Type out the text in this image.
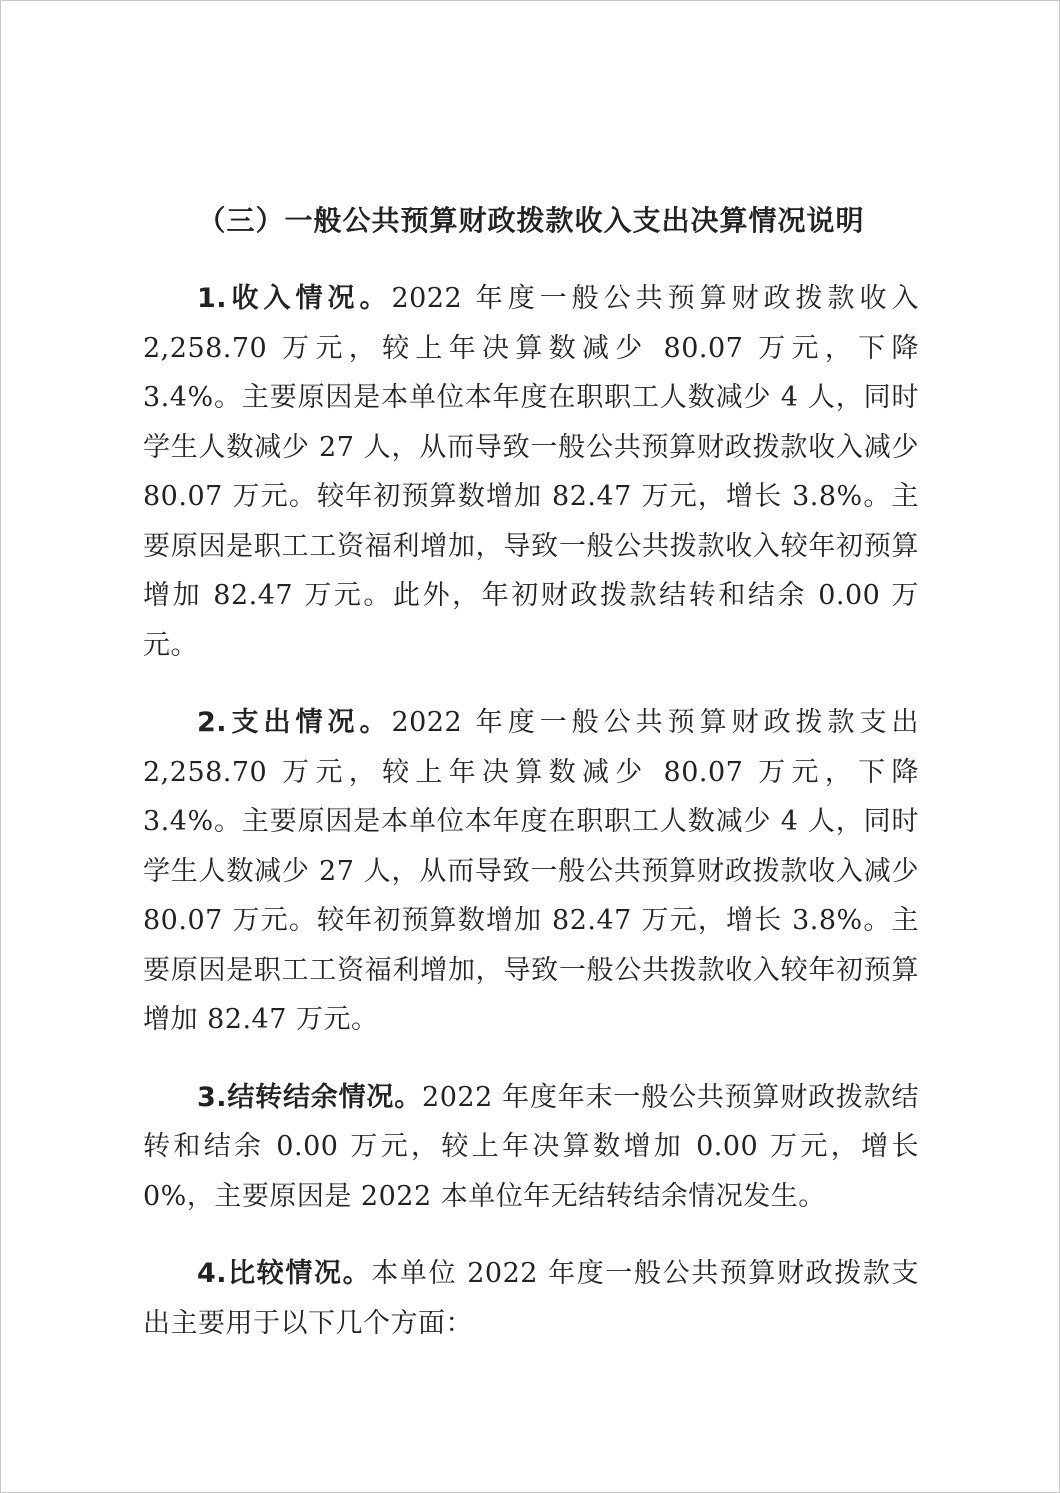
（三）一般公共预算财政拨款收入支出决算情况说明

1.收入情况。2022 年度一般公共预算财政拨款收入 2,258.70 万元，较上年决算数减少 80.07 万元，下降 3.4%。主要原因是本单位本年度在职职工人数减少 4 人，同时学生人数减少 27 人，从而导致一般公共预算财政拨款收入减少 80.07 万元。较年初预算数增加 82.47 万元，增长 3.8%。主要原因是职工工资福利增加，导致一般公共拨款收入较年初预算增加 82.47 万元。此外，年初财政拨款结转和结余 0.00 万元。

2.支出情况。2022 年度一般公共预算财政拨款支出 2,258.70 万元，较上年决算数减少 80.07 万元，下降 3.4%。主要原因是本单位本年度在职职工人数减少 4 人，同时学生人数减少 27 人，从而导致一般公共预算财政拨款收入减少 80.07 万元。较年初预算数增加 82.47 万元，增长 3.8%。主要原因是职工工资福利增加，导致一般公共拨款收入较年初预算增加 82.47 万元。

3.结转结余情况。2022 年度年末一般公共预算财政拨款结转和结余 0.00 万元，较上年决算数增加 0.00 万元，增长 0%，主要原因是 2022 本单位年无结转结余情况发生。

4.比较情况。本单位 2022 年度一般公共预算财政拨款支出主要用于以下几个方面：
